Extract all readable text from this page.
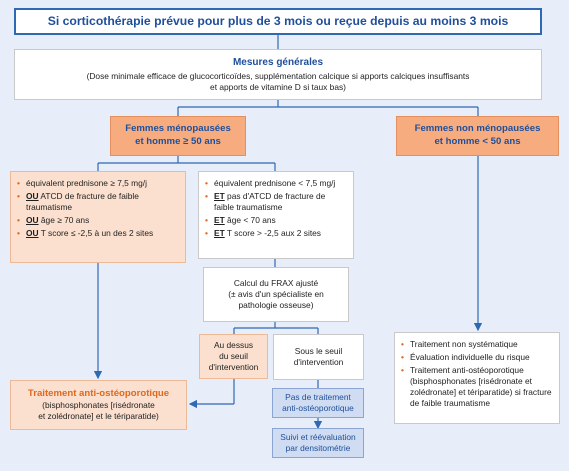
Si corticothérapie prévue pour plus de 3 mois ou reçue depuis au moins 3 mois
Mesures générales
(Dose minimale efficace de glucocorticoïdes, supplémentation calcique si apports calciques insuffisants
et apports de vitamine D si taux bas)
Femmes ménopausées
et homme ≥ 50 ans
Femmes non ménopausées
et homme < 50 ans
• équivalent prednisone ≥ 7,5 mg/j
• OU ATCD de fracture de faible traumatisme
• OU âge ≥ 70 ans
• OU T score ≤ -2,5 à un des 2 sites
• équivalent prednisone < 7,5 mg/j
• ET pas d'ATCD de fracture de faible traumatisme
• ET âge < 70 ans
• ET T score > -2,5 aux 2 sites
Calcul du FRAX ajusté
(± avis d'un spécialiste en
pathologie osseuse)
Au dessus
du seuil
d'intervention
Sous le seuil
d'intervention
Pas de traitement
anti-ostéoporotique
Suivi et réévaluation
par densitométrie
Traitement anti-ostéoporotique
(bisphosphonates [risédronate
et zolédronate] et le tériparatide)
• Traitement non systématique
• Évaluation individuelle du risque
• Traitement anti-ostéoporotique (bisphosphonates [risédronate et zolédronate] et tériparatide) si fracture de faible traumatisme
